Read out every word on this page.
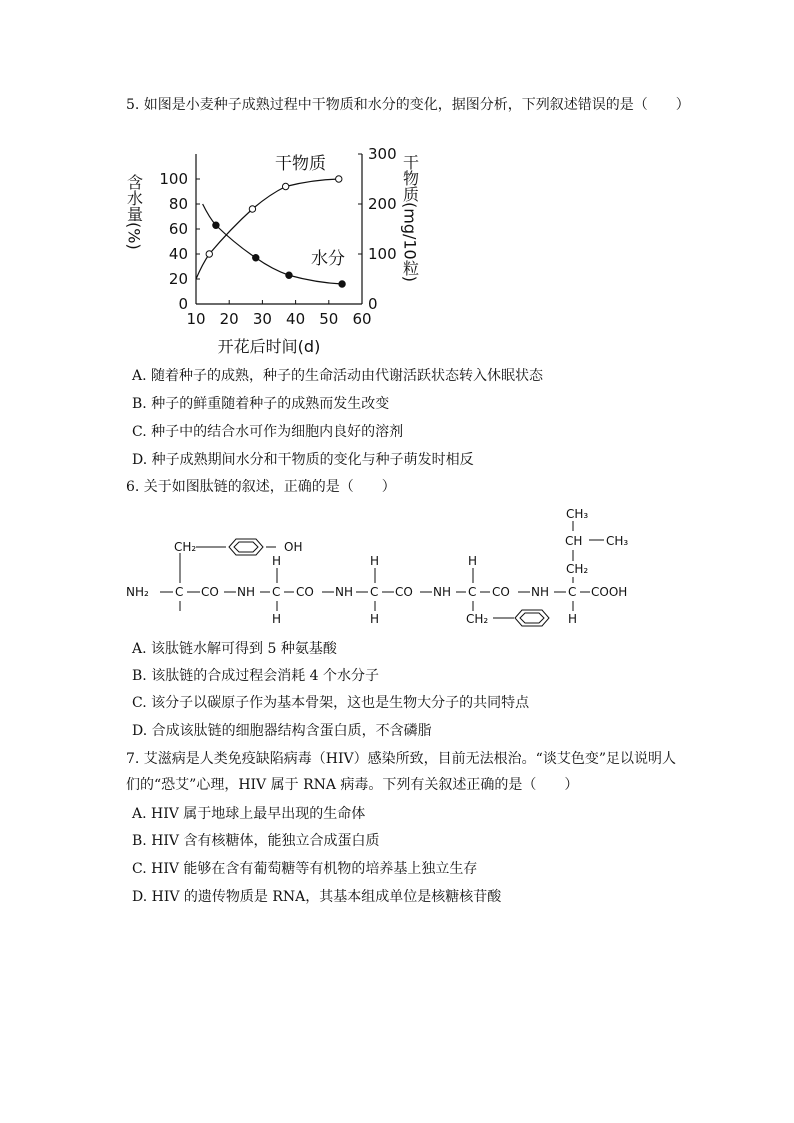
5. 如图是小麦种子成熟过程中干物质和水分的变化，据图分析，下列叙述错误的是（　　）
10 20 30 40 50 60
0
20
40
60
80
100
0
100
200
300
开花后时间(d)
含水量(%)	干物质(mg/10粒)
干物质
水分
A. 随着种子的成熟，种子的生命活动由代谢活跃状态转入休眠状态
B. 种子的鲜重随着种子的成熟而发生改变
C. 种子中的结合水可作为细胞内良好的溶剂
D. 种子成熟期间水分和干物质的变化与种子萌发时相反
6. 关于如图肽链的叙述，正确的是（　　）
CH₂	OH
NH₂ C CO NH C
H
H
CO NH C
H
H
CO NH C
H
CH₂
CO NH C
H
COOH
CH₂
CH CH₃
CH₃
A. 该肽链水解可得到 5 种氨基酸
B. 该肽链的合成过程会消耗 4 个水分子
C. 该分子以碳原子作为基本骨架，这也是生物大分子的共同特点
D. 合成该肽链的细胞器结构含蛋白质，不含磷脂
7. 艾滋病是人类免疫缺陷病毒（HIV）感染所致，目前无法根治。“谈艾色变”足以说明人
们的“恐艾”心理，HIV 属于 RNA 病毒。下列有关叙述正确的是（　　）
A. HIV 属于地球上最早出现的生命体
B. HIV 含有核糖体，能独立合成蛋白质
C. HIV 能够在含有葡萄糖等有机物的培养基上独立生存
D. HIV 的遗传物质是 RNA，其基本组成单位是核糖核苷酸
